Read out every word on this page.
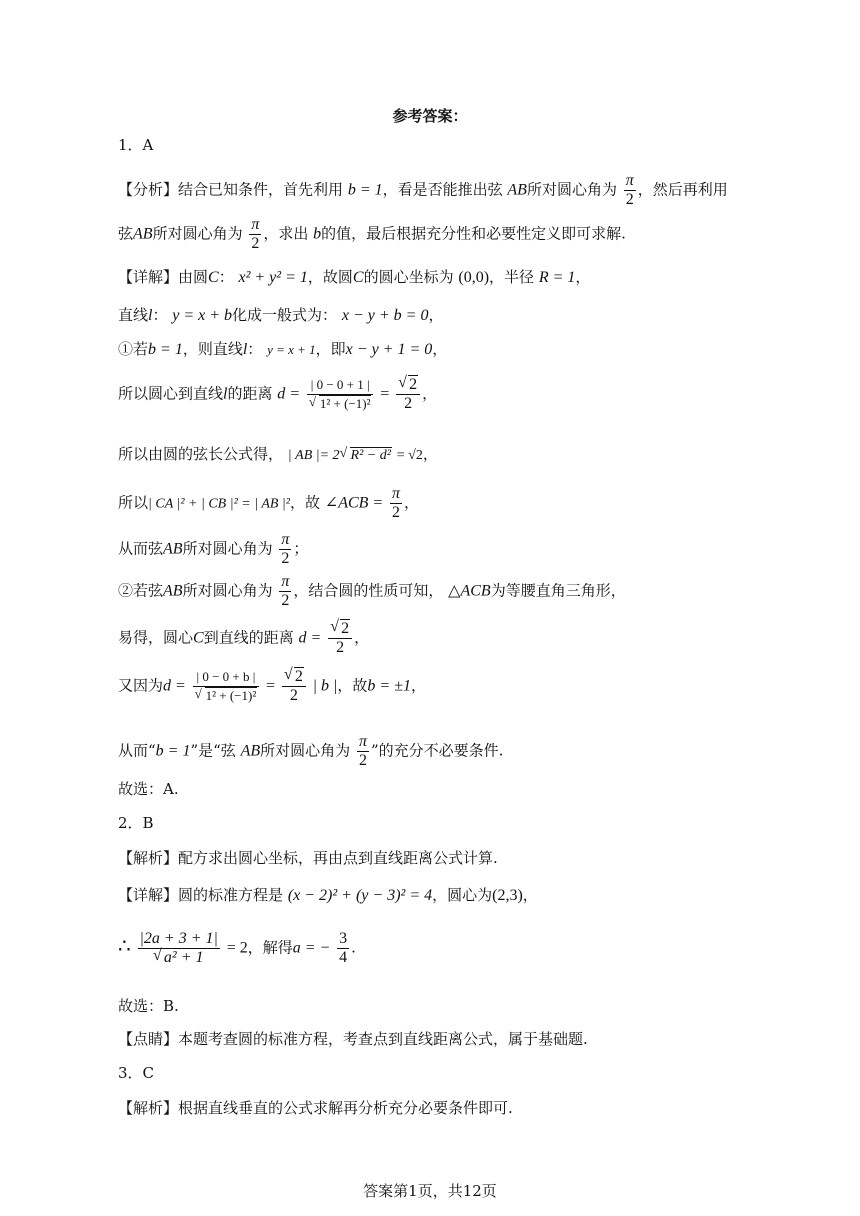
参考答案：
1．A
【分析】结合已知条件，首先利用 b = 1，看是否能推出弦 AB所对圆心角为 $\frac{\pi}{2}$ ，然后再利用
弦AB所对圆心角为 $\frac{\pi}{2}$ ，求出 b的值，最后根据充分性和必要性定义即可求解.
【详解】由圆C： x² + y² = 1，故圆C的圆心坐标为 (0,0)，半径 R = 1，
直线l： y = x + b化成一般式为： x − y + b = 0，
①若b = 1，则直线l： y = x + 1，即x − y + 1 = 0，
所以圆心到直线l的距离 d = | 0 − 0 + 1 |
√ 1² + (−1)² = √ $\frac{2}{2}$ ，
所以由圆的弦长公式得， | AB |= 2 √ R² − d² = √2，
所以| CA |² + | CB |² = | AB |²，故 ∠ACB = $\frac{\pi}{2}$ ，
从而弦AB所对圆心角为 $\frac{\pi}{2}$ ；
②若弦AB所对圆心角为 $\frac{\pi}{2}$ ，结合圆的性质可知， △ACB为等腰直角三角形，
易得，圆心C到直线的距离 d = √ $\frac{2}{2}$ ，
又因为d = | 0 − 0 + b |
√ 1² + (−1)² = √ $\frac{2}{2}$ | b |，故b = ±1，
从而“b = 1”是“弦 AB所对圆心角为 $\frac{\pi}{2}$ ”的充分不必要条件.
故选：A.
2．B
【解析】配方求出圆心坐标，再由点到直线距离公式计算.
【详解】圆的标准方程是 (x − 2)² + (y − 3)² = 4，圆心为(2,3)，
∴ |2a + 3 + 1|
√ a² + 1 = 2，解得a = − $\frac{3}{4}$ .
故选：B.
【点睛】本题考查圆的标准方程，考查点到直线距离公式，属于基础题.
3．C
【解析】根据直线垂直的公式求解再分析充分必要条件即可.
答案第1页，共12页
